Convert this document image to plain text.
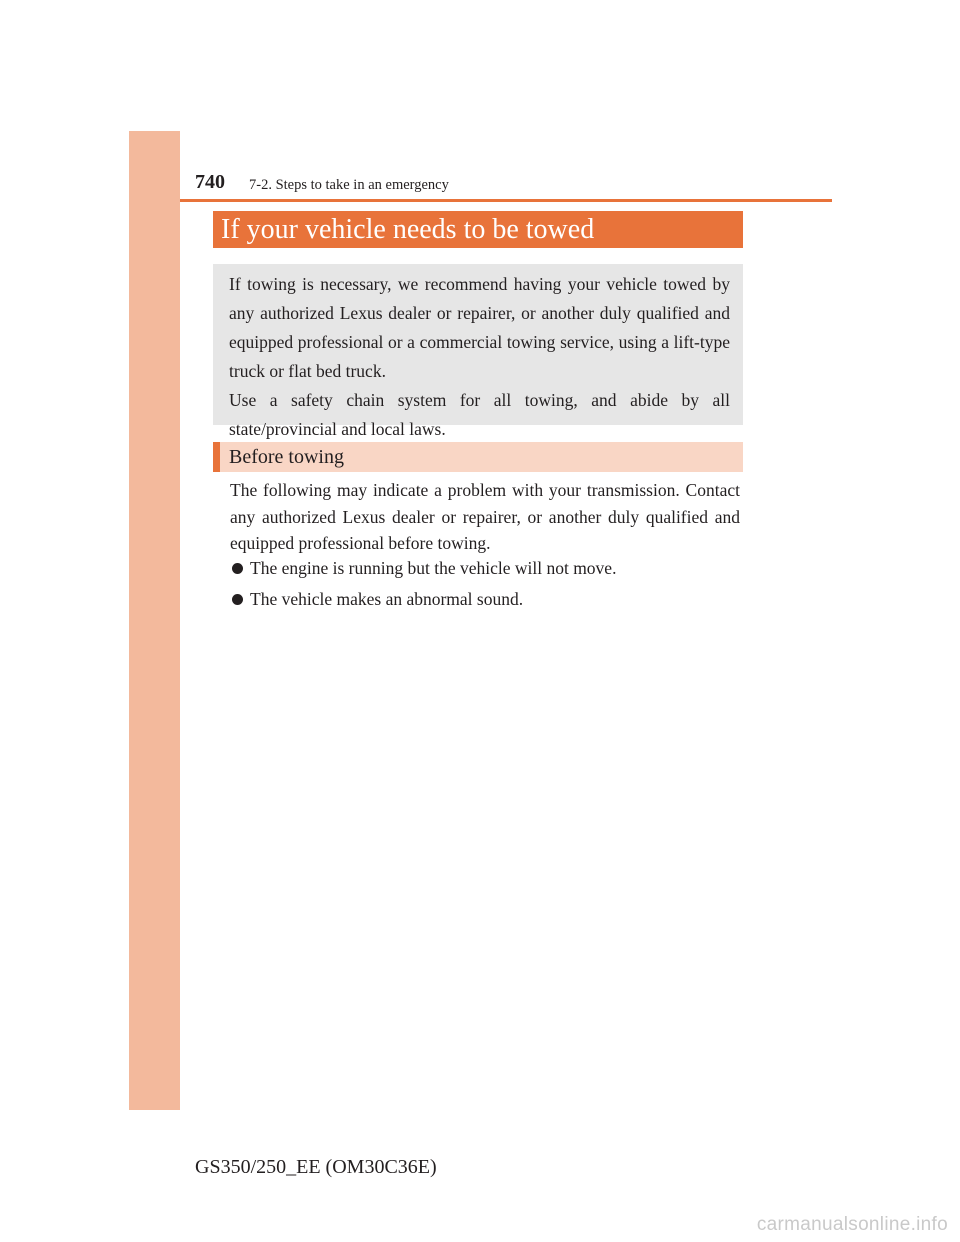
740 7-2. Steps to take in an emergency
If your vehicle needs to be towed

If towing is necessary, we recommend having your vehicle towed by any authorized Lexus dealer or repairer, or another duly qualified and equipped professional or a commercial towing service, using a lift-type truck or flat bed truck.

Use a safety chain system for all towing, and abide by all state/provincial and local laws.

Before towing

The following may indicate a problem with your transmission. Contact any authorized Lexus dealer or repairer, or another duly qualified and equipped professional before towing.

The engine is running but the vehicle will not move.
The vehicle makes an abnormal sound.
GS350/250_EE (OM30C36E)
carmanualsonline.info
